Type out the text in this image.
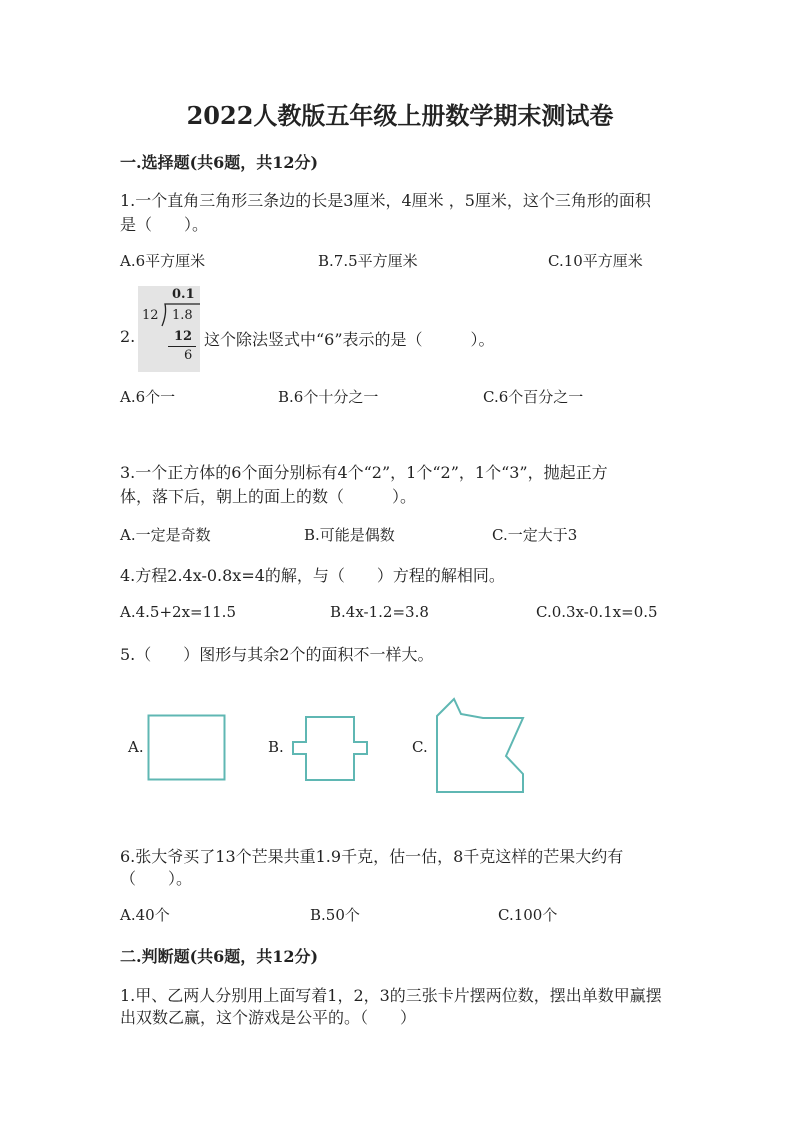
2022人教版五年级上册数学期末测试卷
一.选择题(共6题，共12分)
1.一个直角三角形三条边的长是3厘米，4厘米 ，5厘米，这个三角形的面积
是（　　）。
A.6平方厘米	B.7.5平方厘米	C.10平方厘米
2.
0.1
12 1.8
12
6
这个除法竖式中“6”表示的是（　　　）。
A.6个一	B.6个十分之一	C.6个百分之一
3.一个正方体的6个面分别标有4个“2”，1个“2”，1个“3”，抛起正方
体，落下后，朝上的面上的数（　　　）。
A.一定是奇数	B.可能是偶数	C.一定大于3
4.方程2.4x-0.8x=4的解，与（　　）方程的解相同。
A.4.5+2x=11.5	B.4x-1.2=3.8	C.0.3x-0.1x=0.5
5.（　　）图形与其余2个的面积不一样大。
A.	B.	C.
6.张大爷买了13个芒果共重1.9千克，估一估，8千克这样的芒果大约有
（　　）。
A.40个	B.50个	C.100个
二.判断题(共6题，共12分)
1.甲、乙两人分别用上面写着1，2，3的三张卡片摆两位数，摆出单数甲赢摆
出双数乙赢，这个游戏是公平的。（　　）
